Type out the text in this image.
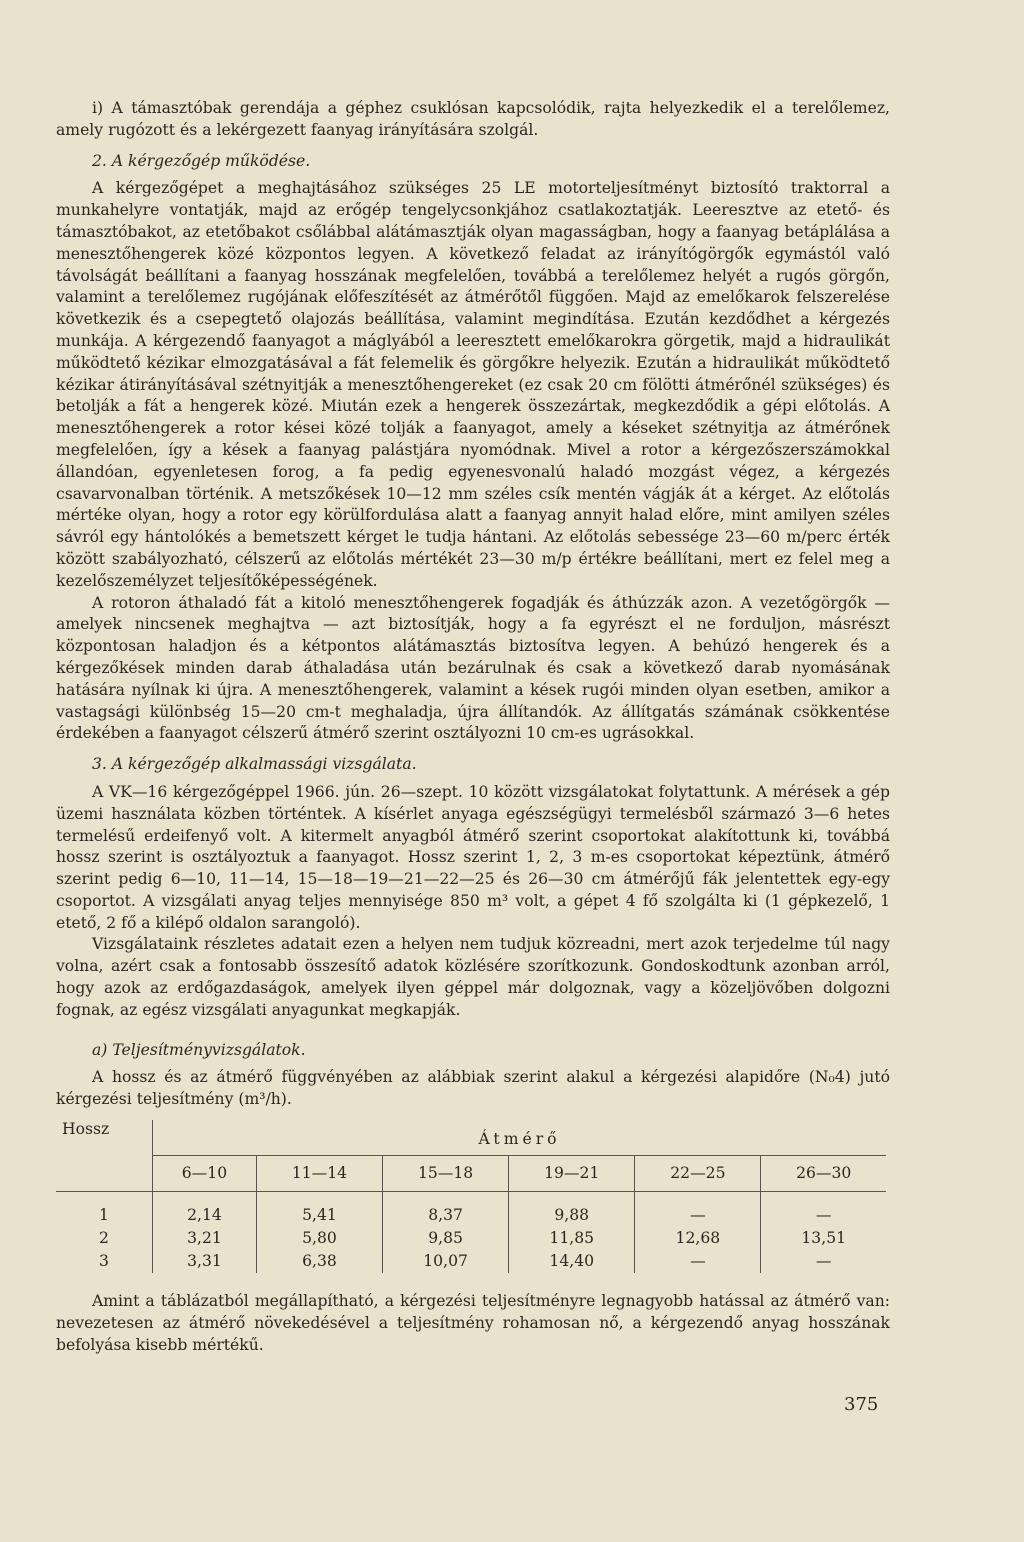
i) A támasztóbak gerendája a géphez csuklósan kapcsolódik, rajta helyezkedik el a terelőlemez, amely rugózott és a lekérgezett faanyag irányítására szolgál.

2. A kérgezőgép működése.

A kérgezőgépet a meghajtásához szükséges 25 LE motorteljesítményt biztosító traktorral a munkahelyre vontatják, majd az erőgép tengelycsonkjához csatlakoztatják. Leeresztve az etető- és támasztóbakot, az etetőbakot csőlábbal alátámasztják olyan magasságban, hogy a faanyag betáplálása a menesztőhengerek közé központos legyen. A következő feladat az irányítógörgők egymástól való távolságát beállítani a faanyag hosszának megfelelően, továbbá a terelőlemez helyét a rugós görgőn, valamint a terelőlemez rugójának előfeszítését az átmérőtől függően. Majd az emelőkarok felszerelése következik és a csepegtető olajozás beállítása, valamint megindítása. Ezután kezdődhet a kérgezés munkája. A kérgezendő faanyagot a máglyából a leeresztett emelőkarokra görgetik, majd a hidraulikát működtető kézikar elmozgatásával a fát felemelik és görgőkre helyezik. Ezután a hidraulikát működtető kézikar átirányításával szétnyitják a menesztőhengereket (ez csak 20 cm fölötti átmérőnél szükséges) és betolják a fát a hengerek közé. Miután ezek a hengerek összezártak, megkezdődik a gépi előtolás. A menesztőhengerek a rotor kései közé tolják a faanyagot, amely a késeket szétnyitja az átmérőnek megfelelően, így a kések a faanyag palástjára nyomódnak. Mivel a rotor a kérgezőszerszámokkal állandóan, egyenletesen forog, a fa pedig egyenesvonalú haladó mozgást végez, a kérgezés csavarvonalban történik. A metszőkések 10—12 mm széles csík mentén vágják át a kérget. Az előtolás mértéke olyan, hogy a rotor egy körülfordulása alatt a faanyag annyit halad előre, mint amilyen széles sávról egy hántolókés a bemetszett kérget le tudja hántani. Az előtolás sebessége 23—60 m/perc érték között szabályozható, célszerű az előtolás mértékét 23—30 m/p értékre beállítani, mert ez felel meg a kezelőszemélyzet teljesítőképességének.

A rotoron áthaladó fát a kitoló menesztőhengerek fogadják és áthúzzák azon. A vezetőgörgők — amelyek nincsenek meghajtva — azt biztosítják, hogy a fa egyrészt el ne forduljon, másrészt központosan haladjon és a kétpontos alátámasztás biztosítva legyen. A behúzó hengerek és a kérgezőkések minden darab áthaladása után bezárulnak és csak a következő darab nyomásának hatására nyílnak ki újra. A menesztőhengerek, valamint a kések rugói minden olyan esetben, amikor a vastagsági különbség 15—20 cm-t meghaladja, újra állítandók. Az állítgatás számának csökkentése érdekében a faanyagot célszerű átmérő szerint osztályozni 10 cm-es ugrásokkal.

3. A kérgezőgép alkalmassági vizsgálata.

A VK—16 kérgezőgéppel 1966. jún. 26—szept. 10 között vizsgálatokat folytattunk. A mérések a gép üzemi használata közben történtek. A kísérlet anyaga egészségügyi termelésből származó 3—6 hetes termelésű erdeifenyő volt. A kitermelt anyagból átmérő szerint csoportokat alakítottunk ki, továbbá hossz szerint is osztályoztuk a faanyagot. Hossz szerint 1, 2, 3 m-es csoportokat képeztünk, átmérő szerint pedig 6—10, 11—14, 15—18—19—21—22—25 és 26—30 cm átmérőjű fák jelentettek egy-egy csoportot. A vizsgálati anyag teljes mennyisége 850 m³ volt, a gépet 4 fő szolgálta ki (1 gépkezelő, 1 etető, 2 fő a kilépő oldalon sarangoló).

Vizsgálataink részletes adatait ezen a helyen nem tudjuk közreadni, mert azok terjedelme túl nagy volna, azért csak a fontosabb összesítő adatok közlésére szorítkozunk. Gondoskodtunk azonban arról, hogy azok az erdőgazdaságok, amelyek ilyen géppel már dolgoznak, vagy a közeljövőben dolgozni fognak, az egész vizsgálati anyagunkat megkapják.

a) Teljesítményvizsgálatok.

A hossz és az átmérő függvényében az alábbiak szerint alakul a kérgezési alapidőre (N₀4) jutó kérgezési teljesítmény (m³/h).

Hossz	Átmérő					
	6—10	11—14	15—18	19—21	22—25	26—30
1	2,14	5,41	8,37	9,88	—	—
2	3,21	5,80	9,85	11,85	12,68	13,51
3	3,31	6,38	10,07	14,40	—	—

Amint a táblázatból megállapítható, a kérgezési teljesítményre legnagyobb hatással az átmérő van: nevezetesen az átmérő növekedésével a teljesítmény rohamosan nő, a kérgezendő anyag hosszának befolyása kisebb mértékű.

375
